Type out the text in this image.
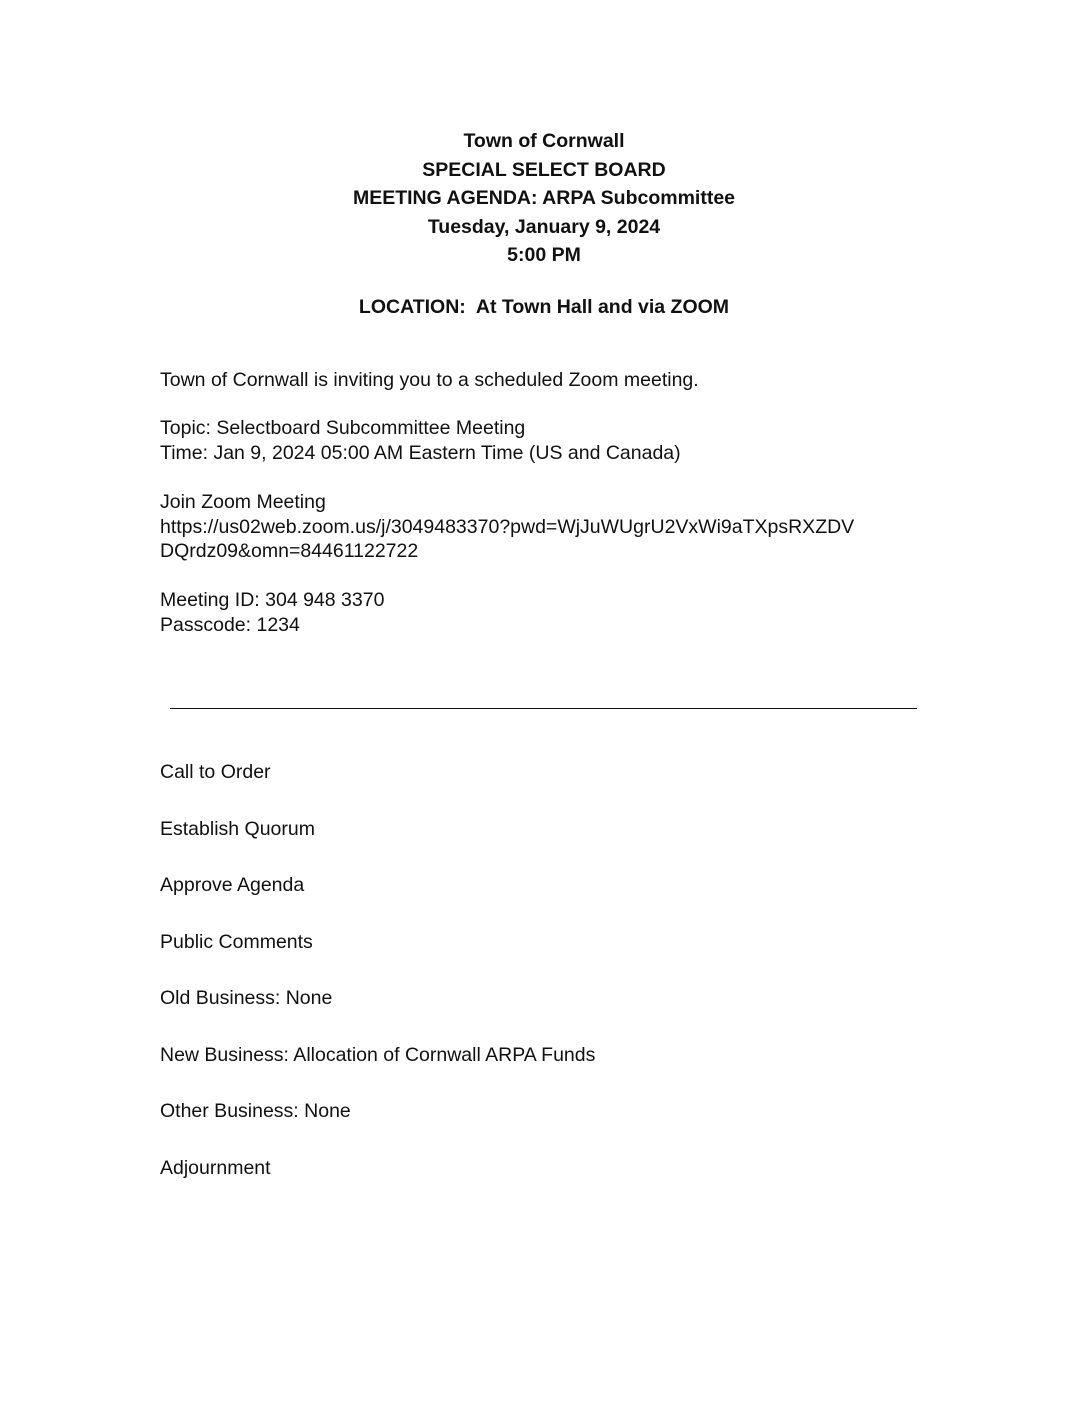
Town of Cornwall
SPECIAL SELECT BOARD
MEETING AGENDA: ARPA Subcommittee
Tuesday, January 9, 2024
5:00 PM
LOCATION:  At Town Hall and via ZOOM
Town of Cornwall is inviting you to a scheduled Zoom meeting.
Topic: Selectboard Subcommittee Meeting
Time: Jan 9, 2024 05:00 AM Eastern Time (US and Canada)
Join Zoom Meeting
https://us02web.zoom.us/j/3049483370?pwd=WjJuWUgrU2VxWi9aTXpsRXZDV
DQrdz09&omn=84461122722
Meeting ID: 304 948 3370
Passcode: 1234
Call to Order
Establish Quorum
Approve Agenda
Public Comments
Old Business: None
New Business: Allocation of Cornwall ARPA Funds
Other Business: None
Adjournment
